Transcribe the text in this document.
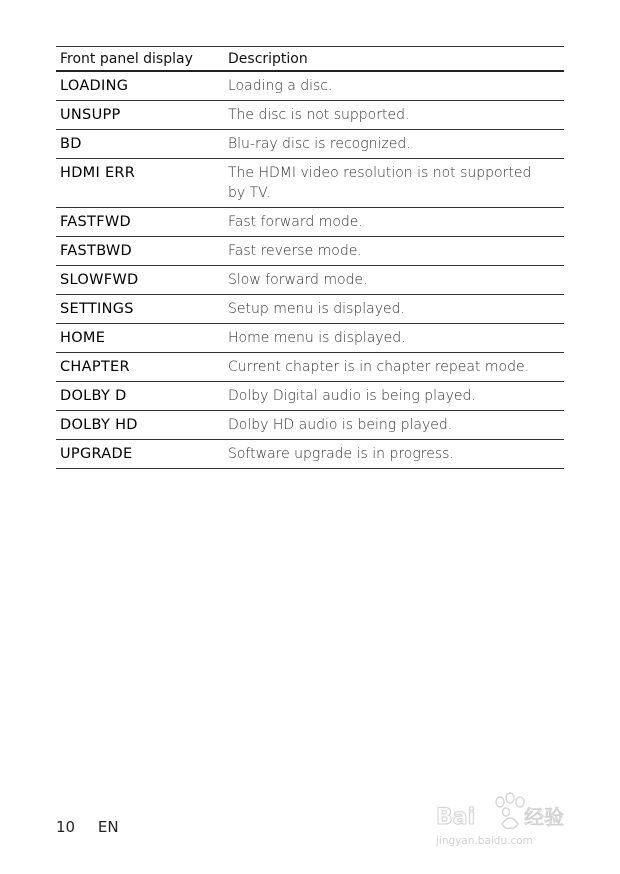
Front panel display	Description
LOADING	Loading a disc.
UNSUPP	The disc is not supported.
BD	Blu-ray disc is recognized.
HDMI ERR	The HDMI video resolution is not supported by TV.
FASTFWD	Fast forward mode.
FASTBWD	Fast reverse mode.
SLOWFWD	Slow forward mode.
SETTINGS	Setup menu is displayed.
HOME	Home menu is displayed.
CHAPTER	Current chapter is in chapter repeat mode.
DOLBY D	Dolby Digital audio is being played.
DOLBY HD	Dolby HD audio is being played.
UPGRADE	Software upgrade is in progress.
10 EN	Bai 经验
jingyan.baidu.com
